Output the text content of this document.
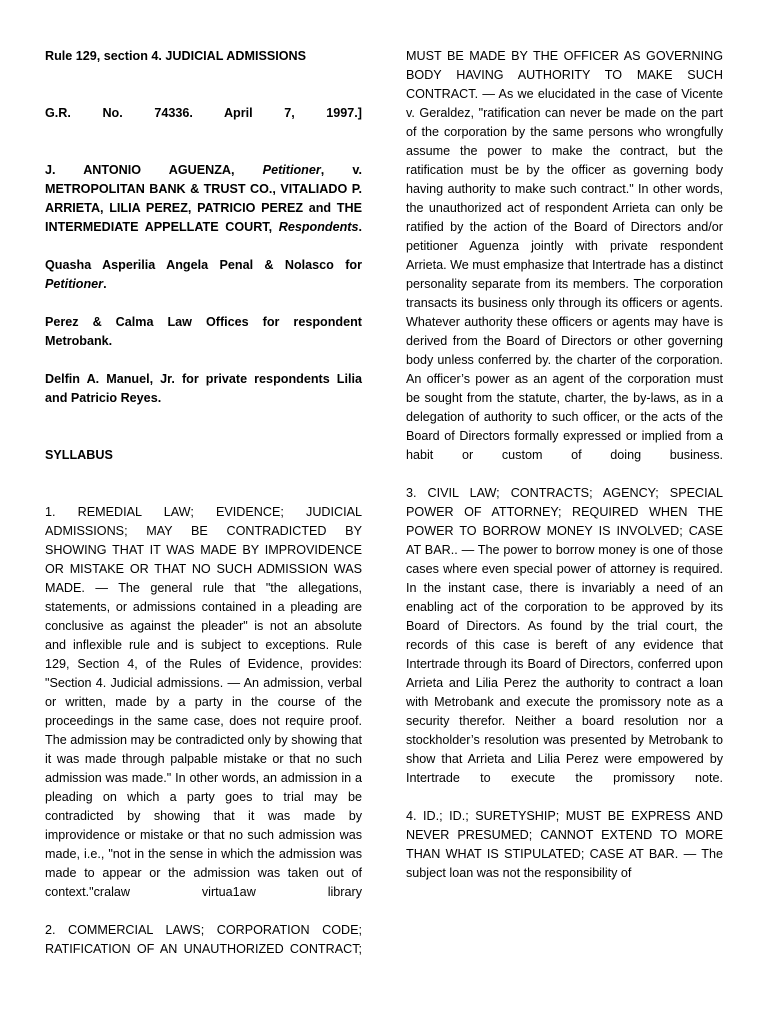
Rule 129, section 4. JUDICIAL ADMISSIONS

G.R. No. 74336. April 7, 1997.]

J. ANTONIO AGUENZA, Petitioner, v. METROPOLITAN BANK & TRUST CO., VITALIADO P. ARRIETA, LILIA PEREZ, PATRICIO PEREZ and THE INTERMEDIATE APPELLATE COURT, Respondents.

Quasha Asperilia Angela Penal & Nolasco for Petitioner.

Perez & Calma Law Offices for respondent Metrobank.

Delfin A. Manuel, Jr. for private respondents Lilia and Patricio Reyes.

SYLLABUS

1. REMEDIAL LAW; EVIDENCE; JUDICIAL ADMISSIONS; MAY BE CONTRADICTED BY SHOWING THAT IT WAS MADE BY IMPROVIDENCE OR MISTAKE OR THAT NO SUCH ADMISSION WAS MADE. — The general rule that "the allegations, statements, or admissions contained in a pleading are conclusive as against the pleader" is not an absolute and inflexible rule and is subject to exceptions. Rule 129, Section 4, of the Rules of Evidence, provides: "Section 4. Judicial admissions. — An admission, verbal or written, made by a party in the course of the proceedings in the same case, does not require proof. The admission may be contradicted only by showing that it was made through palpable mistake or that no such admission was made." In other words, an admission in a pleading on which a party goes to trial may be contradicted by showing that it was made by improvidence or mistake or that no such admission was made, i.e., "not in the sense in which the admission was made to appear or the admission was taken out of context."cralaw virtua1aw library

2. COMMERCIAL LAWS; CORPORATION CODE; RATIFICATION OF AN UNAUTHORIZED CONTRACT;

MUST BE MADE BY THE OFFICER AS GOVERNING BODY HAVING AUTHORITY TO MAKE SUCH CONTRACT. — As we elucidated in the case of Vicente v. Geraldez, "ratification can never be made on the part of the corporation by the same persons who wrongfully assume the power to make the contract, but the ratification must be by the officer as governing body having authority to make such contract." In other words, the unauthorized act of respondent Arrieta can only be ratified by the action of the Board of Directors and/or petitioner Aguenza jointly with private respondent Arrieta. We must emphasize that Intertrade has a distinct personality separate from its members. The corporation transacts its business only through its officers or agents. Whatever authority these officers or agents may have is derived from the Board of Directors or other governing body unless conferred by. the charter of the corporation. An officer’s power as an agent of the corporation must be sought from the statute, charter, the by-laws, as in a delegation of authority to such officer, or the acts of the Board of Directors formally expressed or implied from a habit or custom of doing business.

3. CIVIL LAW; CONTRACTS; AGENCY; SPECIAL POWER OF ATTORNEY; REQUIRED WHEN THE POWER TO BORROW MONEY IS INVOLVED; CASE AT BAR.. — The power to borrow money is one of those cases where even special power of attorney is required. In the instant case, there is invariably a need of an enabling act of the corporation to be approved by its Board of Directors. As found by the trial court, the records of this case is bereft of any evidence that Intertrade through its Board of Directors, conferred upon Arrieta and Lilia Perez the authority to contract a loan with Metrobank and execute the promissory note as a security therefor. Neither a board resolution nor a stockholder’s resolution was presented by Metrobank to show that Arrieta and Lilia Perez were empowered by Intertrade to execute the promissory note.

4. ID.; ID.; SURETYSHIP; MUST BE EXPRESS AND NEVER PRESUMED; CANNOT EXTEND TO MORE THAN WHAT IS STIPULATED; CASE AT BAR. — The subject loan was not the responsibility of
